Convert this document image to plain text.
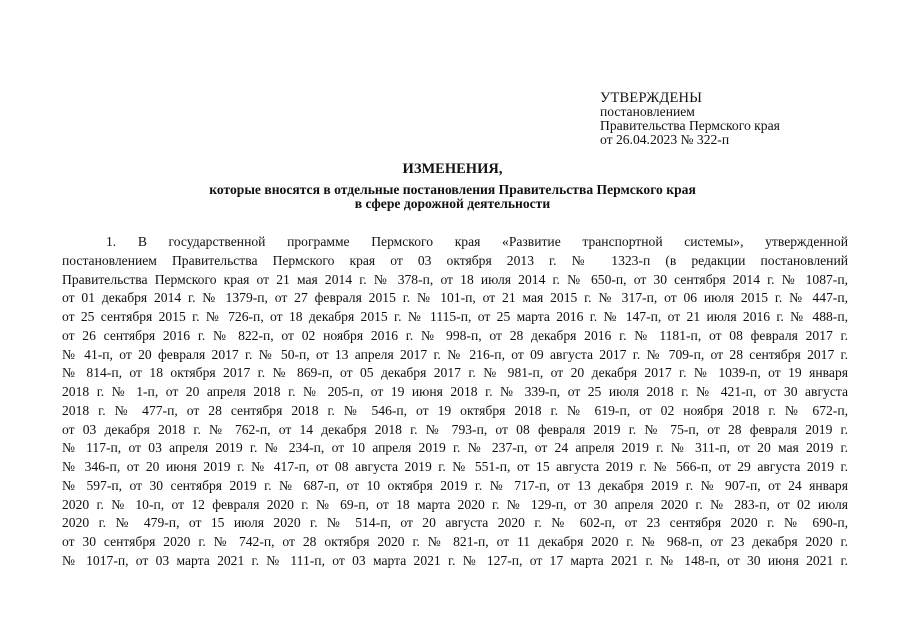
УТВЕРЖДЕНЫ
постановлением
Правительства Пермского края
от 26.04.2023 № 322-п
ИЗМЕНЕНИЯ,
которые вносятся в отдельные постановления Правительства Пермского края
в сфере дорожной деятельности
1. В государственной программе Пермского края «Развитие транспортной системы», утвержденной
постановлением Правительства Пермского края от 03 октября 2013 г. № 1323-п (в редакции постановлений
Правительства Пермского края от 21 мая 2014 г. № 378-п, от 18 июля 2014 г. № 650-п, от 30 сентября 2014 г. № 1087-п,
от 01 декабря 2014 г. № 1379-п, от 27 февраля 2015 г. № 101-п, от 21 мая 2015 г. № 317-п, от 06 июля 2015 г. № 447-п,
от 25 сентября 2015 г. № 726-п, от 18 декабря 2015 г. № 1115-п, от 25 марта 2016 г. № 147-п, от 21 июля 2016 г. № 488-п,
от 26 сентября 2016 г. № 822-п, от 02 ноября 2016 г. № 998-п, от 28 декабря 2016 г. № 1181-п, от 08 февраля 2017 г.
№ 41-п, от 20 февраля 2017 г. № 50-п, от 13 апреля 2017 г. № 216-п, от 09 августа 2017 г. № 709-п, от 28 сентября 2017 г.
№ 814-п, от 18 октября 2017 г. № 869-п, от 05 декабря 2017 г. № 981-п, от 20 декабря 2017 г. № 1039-п, от 19 января
2018 г. № 1-п, от 20 апреля 2018 г. № 205-п, от 19 июня 2018 г. № 339-п, от 25 июля 2018 г. № 421-п, от 30 августа
2018 г. № 477-п, от 28 сентября 2018 г. № 546-п, от 19 октября 2018 г. № 619-п, от 02 ноября 2018 г. № 672-п,
от 03 декабря 2018 г. № 762-п, от 14 декабря 2018 г. № 793-п, от 08 февраля 2019 г. № 75-п, от 28 февраля 2019 г.
№ 117-п, от 03 апреля 2019 г. № 234-п, от 10 апреля 2019 г. № 237-п, от 24 апреля 2019 г. № 311-п, от 20 мая 2019 г.
№ 346-п, от 20 июня 2019 г. № 417-п, от 08 августа 2019 г. № 551-п, от 15 августа 2019 г. № 566-п, от 29 августа 2019 г.
№ 597-п, от 30 сентября 2019 г. № 687-п, от 10 октября 2019 г. № 717-п, от 13 декабря 2019 г. № 907-п, от 24 января
2020 г. № 10-п, от 12 февраля 2020 г. № 69-п, от 18 марта 2020 г. № 129-п, от 30 апреля 2020 г. № 283-п, от 02 июля
2020 г. № 479-п, от 15 июля 2020 г. № 514-п, от 20 августа 2020 г. № 602-п, от 23 сентября 2020 г. № 690-п,
от 30 сентября 2020 г. № 742-п, от 28 октября 2020 г. № 821-п, от 11 декабря 2020 г. № 968-п, от 23 декабря 2020 г.
№ 1017-п, от 03 марта 2021 г. № 111-п, от 03 марта 2021 г. № 127-п, от 17 марта 2021 г. № 148-п, от 30 июня 2021 г.
